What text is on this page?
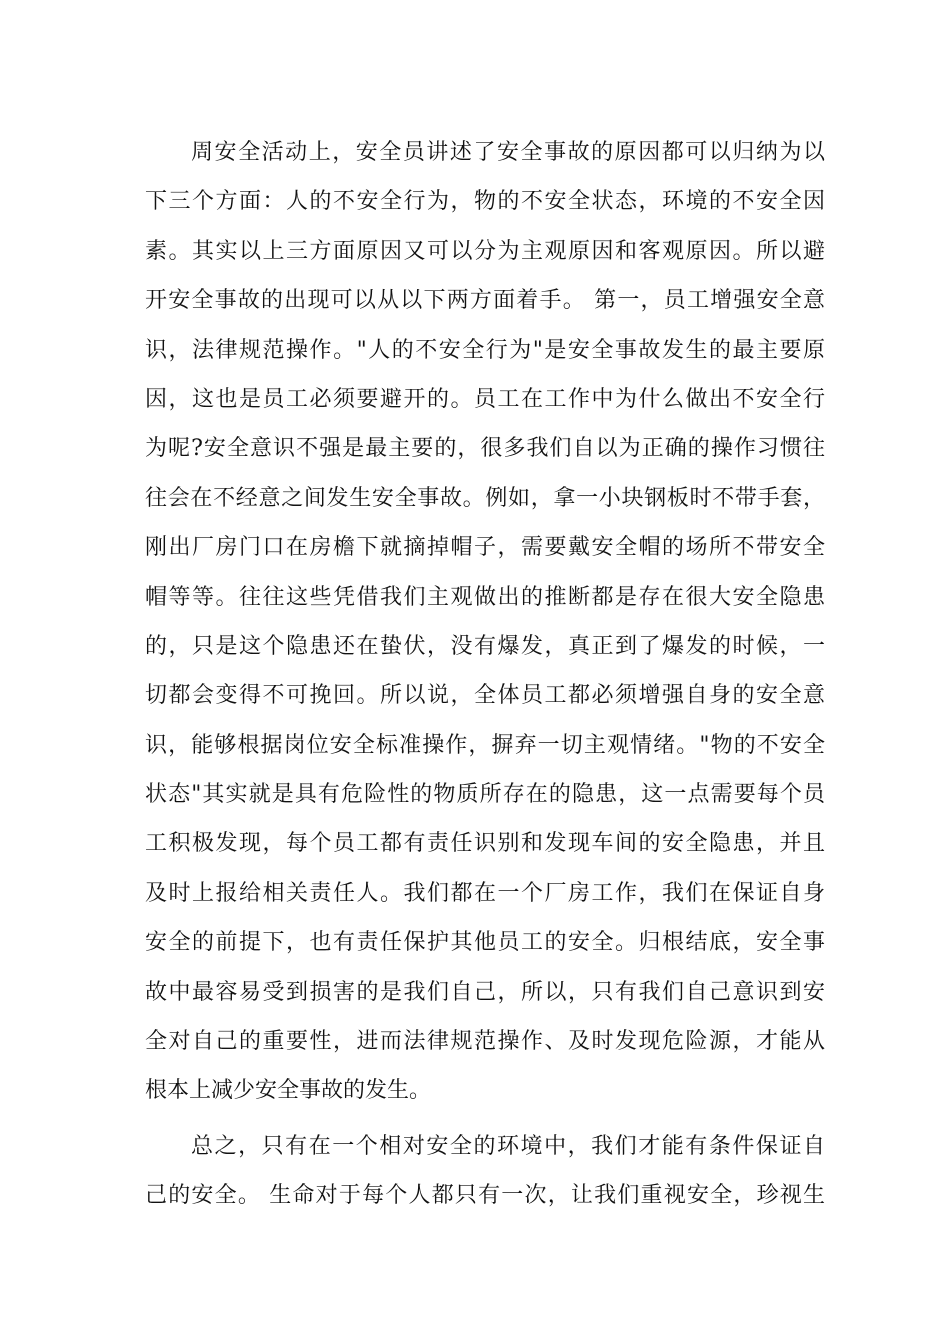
周安全活动上，安全员讲述了安全事故的原因都可以归纳为以
下三个方面：人的不安全行为，物的不安全状态，环境的不安全因
素。其实以上三方面原因又可以分为主观原因和客观原因。所以避
开安全事故的出现可以从以下两方面着手。 第一，员工增强安全意
识，法律规范操作。"人的不安全行为"是安全事故发生的最主要原
因，这也是员工必须要避开的。员工在工作中为什么做出不安全行
为呢?安全意识不强是最主要的，很多我们自以为正确的操作习惯往
往会在不经意之间发生安全事故。例如，拿一小块钢板时不带手套，
刚出厂房门口在房檐下就摘掉帽子，需要戴安全帽的场所不带安全
帽等等。往往这些凭借我们主观做出的推断都是存在很大安全隐患
的，只是这个隐患还在蛰伏，没有爆发，真正到了爆发的时候，一
切都会变得不可挽回。所以说，全体员工都必须增强自身的安全意
识，能够根据岗位安全标准操作，摒弃一切主观情绪。"物的不安全
状态"其实就是具有危险性的物质所存在的隐患，这一点需要每个员
工积极发现，每个员工都有责任识别和发现车间的安全隐患，并且
及时上报给相关责任人。我们都在一个厂房工作，我们在保证自身
安全的前提下，也有责任保护其他员工的安全。归根结底，安全事
故中最容易受到损害的是我们自己，所以，只有我们自己意识到安
全对自己的重要性，进而法律规范操作、及时发现危险源，才能从
根本上减少安全事故的发生。
总之，只有在一个相对安全的环境中，我们才能有条件保证自
己的安全。 生命对于每个人都只有一次，让我们重视安全，珍视生
